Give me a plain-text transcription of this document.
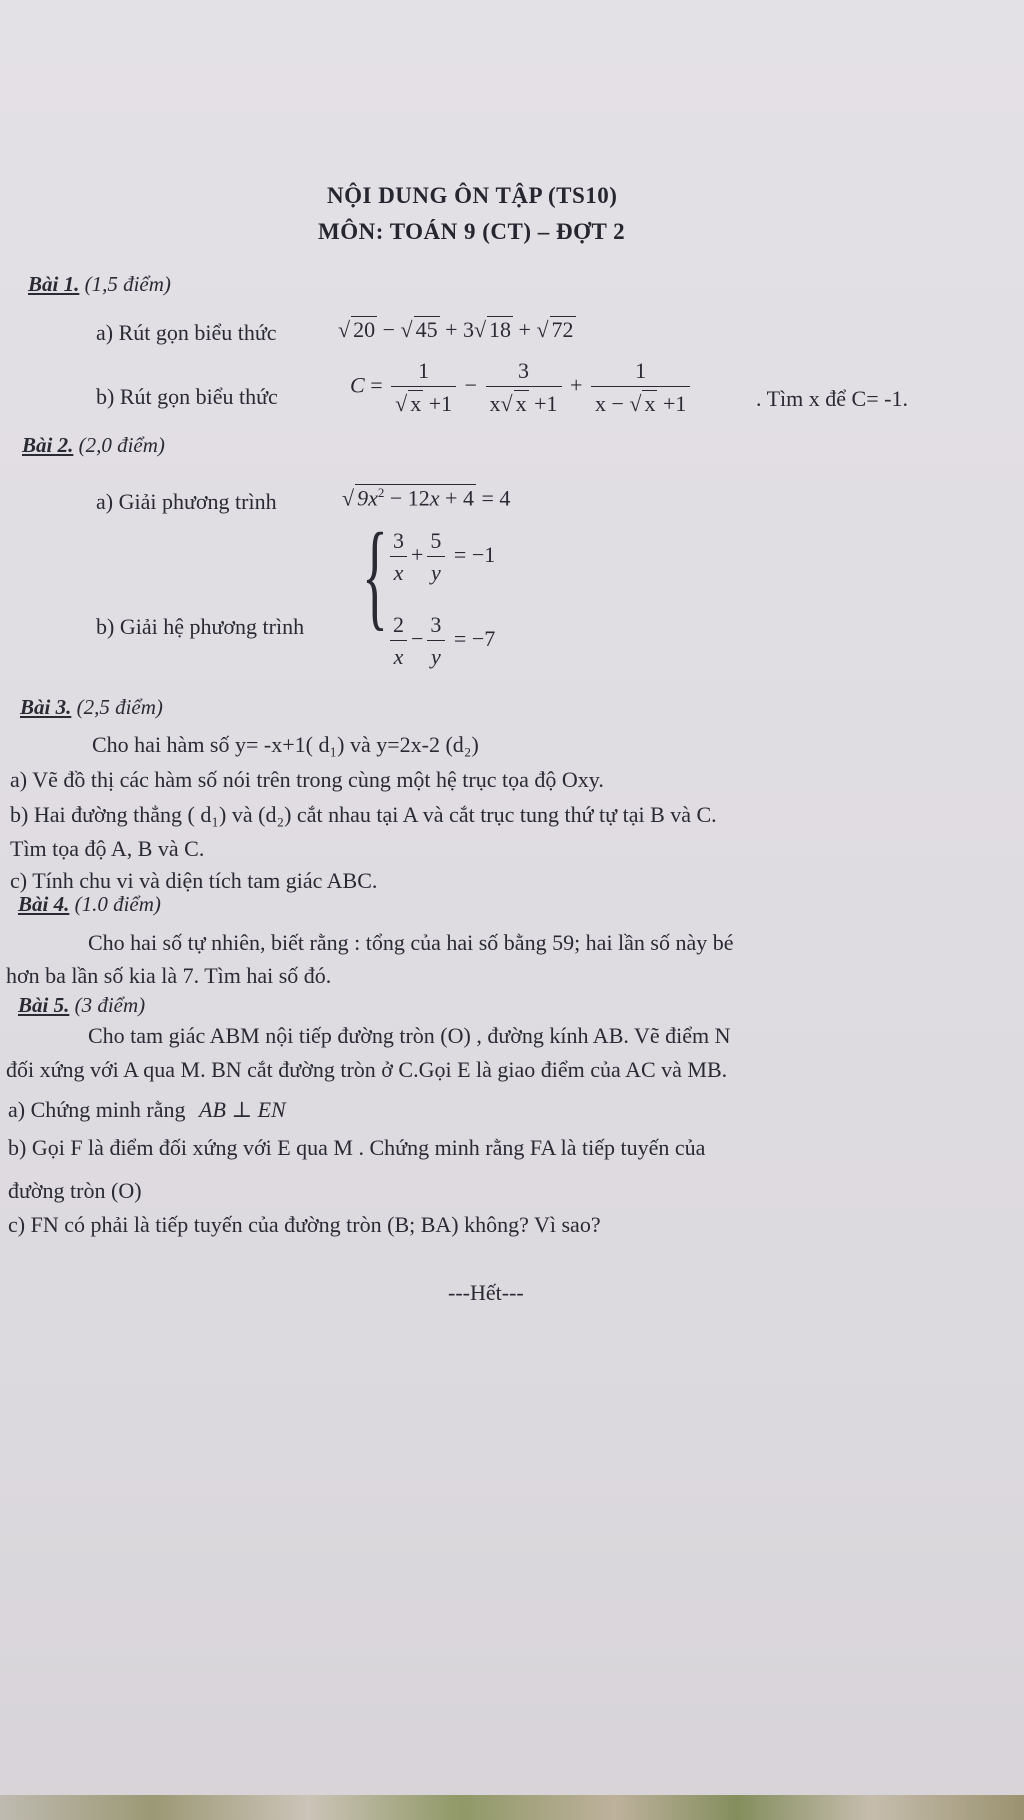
NỘI DUNG ÔN TẬP (TS10)
MÔN: TOÁN 9 (CT) – ĐỢT 2
Bài 1. (1,5 điểm)
a) Rút gọn biểu thức	√ 20 − √ 45 + 3√ 18 + √ 72
b) Rút gọn biểu thức	$C = \frac{1}{√ x +1} - \frac{3}{x√ x +1} + \frac{1}{x - √ x +1}$	. Tìm x để C= -1.
Bài 2. (2,0 điểm)
a) Giải phương trình	√ $9x^2 - 12x + 4 = 4$
b) Giải hệ phương trình { $\frac{3}{x} + \frac{5}{y} = -1$
$\frac{2}{x} - \frac{3}{y} = -7$
Bài 3. (2,5 điểm)
Cho hai hàm số y= -x+1( d₁) và y=2x-2 (d₂)
a) Vẽ đồ thị các hàm số nói trên trong cùng một hệ trục tọa độ Oxy.
b) Hai đường thẳng ( d₁) và (d₂) cắt nhau tại A và cắt trục tung thứ tự tại B và C.
Tìm tọa độ A, B và C.
c) Tính chu vi và diện tích tam giác ABC.
Bài 4. (1.0 điểm)
Cho hai số tự nhiên, biết rằng : tổng của hai số bằng 59; hai lần số này bé
hơn ba lần số kia là 7. Tìm hai số đó.
Bài 5. (3 điểm)
Cho tam giác ABM nội tiếp đường tròn (O) , đường kính AB. Vẽ điểm N
đối xứng với A qua M. BN cắt đường tròn ở C.Gọi E là giao điểm của AC và MB.
a) Chứng minh rằng AB ⊥ EN
b) Gọi F là điểm đối xứng với E qua M . Chứng minh rằng FA là tiếp tuyến của
đường tròn (O)
c) FN có phải là tiếp tuyến của đường tròn (B; BA) không? Vì sao?
---Hết---
